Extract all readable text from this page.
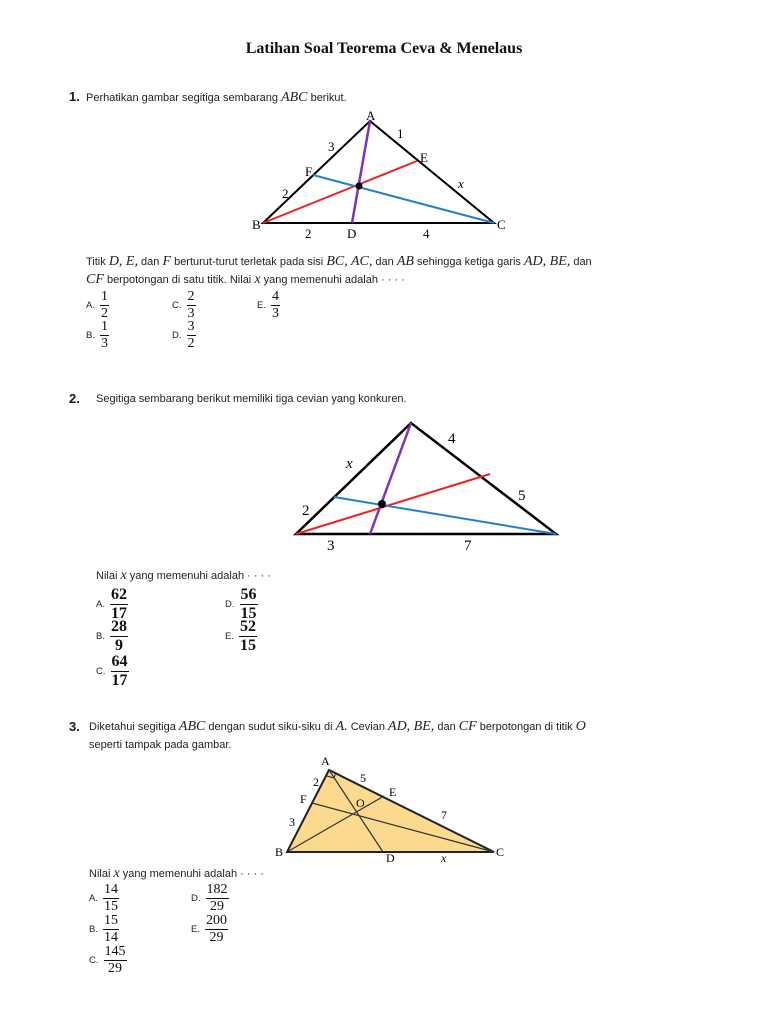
Latihan Soal Teorema Ceva & Menelaus
1. Perhatikan gambar segitiga sembarang ABC berikut.
A
B	C
D
E
F
3
2
1
x
2	4
Titik D, E, dan F berturut-turut terletak pada sisi BC, AC, dan AB sehingga ketiga garis AD, BE, dan
CF berpotongan di satu titik. Nilai x yang memenuhi adalah · · · ·
A. $\frac{1}{2}$
B. $\frac{1}{3}$
C. $\frac{2}{3}$
D. $\frac{3}{2}$
E. $\frac{4}{3}$
2. Segitiga sembarang berikut memiliki tiga cevian yang konkuren.
x
2
4
5
3	7
Nilai x yang memenuhi adalah · · · ·
A. $\frac{62}{17}$
B. $\frac{28}{9}$
C. $\frac{64}{17}$
D. $\frac{56}{15}$
E. $\frac{52}{15}$
3. Diketahui segitiga ABC dengan sudut siku-siku di A. Cevian AD, BE, dan CF berpotongan di titik O
seperti tampak pada gambar.
A
B	C
D
E
F	O
2
3
5
7
x
Nilai x yang memenuhi adalah · · · ·
A. $\frac{14}{15}$
B. $\frac{15}{14}$
C. $\frac{145}{29}$
D. $\frac{182}{29}$
E. $\frac{200}{29}$
